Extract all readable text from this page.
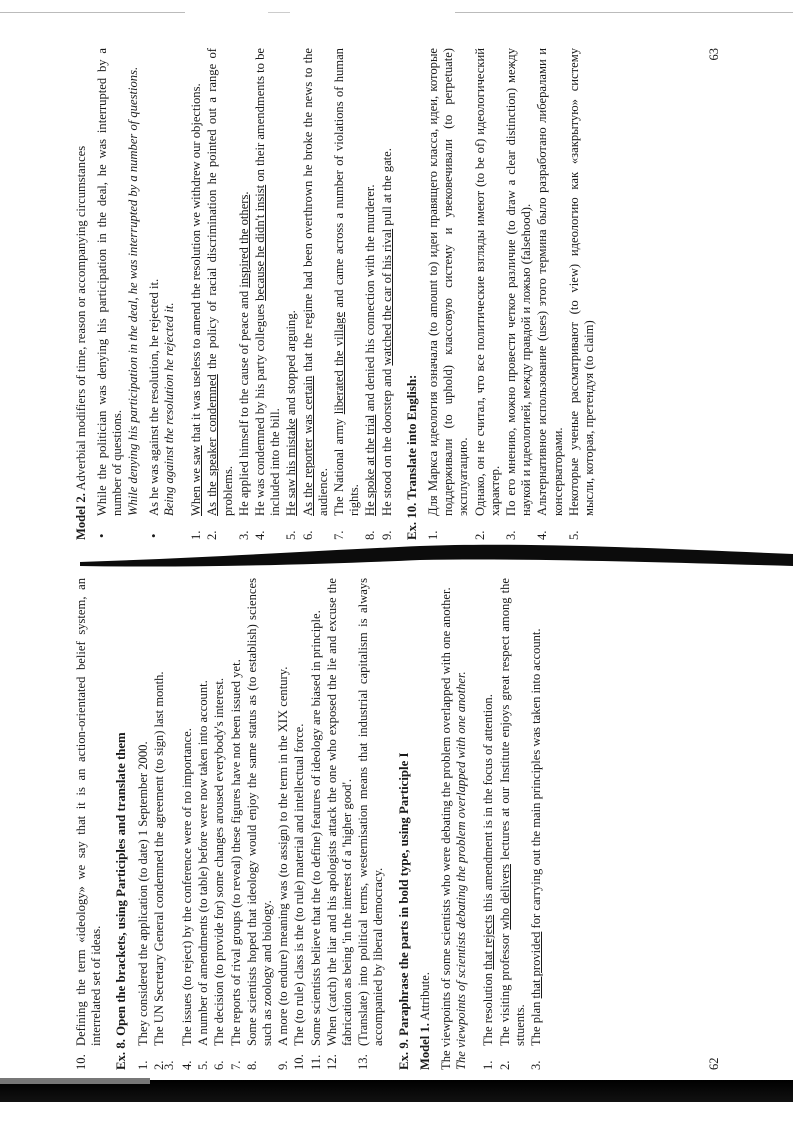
10.
Defining the term «ideology» we say that it is an action-orientated belief system, an interrelated set of ideas. Ex. 8. Open the brackets, using Participles and translate them 1.
They considered the application (to date) 1 September 2000.
2.
The UN Secretary General condemned the agreement (to sign) last month.
3. 4.
The issues (to reject) by the conference were of no importance.
5.
A number of amendments (to table) before were now taken into account.
6.
The decision (to provide for) some changes aroused everybody's interest.
7.
The reports of rival groups (to reveal) these figures have not been issued yet.
8.
Some scientists hoped that ideology would enjoy the same status as (to establish) sciences such as zoology and biology.
9.
A more (to endure) meaning was (to assign) to the term in the XIX century.
10.
The (to rule) class is the (to rule) material and intellectual force.
11.
Some scientists believe that the (to define) features of ideology are biased in principle.
12.
When (catch) the liar and his apologists attack the one who exposed the lie and excuse the fabrication as being 'in the interest of a 'higher good'.
13.
(Translate) into political terms, westernisation means that industrial capitalism is always accompanied by liberal democracy. Ex. 9. Paraphrase the parts in bold type, using Participle I Model 1. Attribute. The viewpoints of some scientists who were debating the problem overlapped with one another. The viewpoints of scientists debating the problem overlapped with one another. 1.
The resolution that rejects this amendment is in the focus of attention.
2.
The visiting professor who delivers lectures at our Institute enjoys great respect among the sttuents.
3.
The plan that provided for carrying out the main principles was taken into account.
62

Model 2. Adverbial modifiers of time, reason or accompanying circumstances

•
While the politician was denying his participation in the deal, he was interrupted by a number of questions. While denying his participation in the deal, he was interrupted by a number of questions.
•
As he was against the resolution, he rejected it. Being against the resolution he rejected it.
1.
When we saw that it was useless to amend the resolution we withdrew our objections.
2.
As the speaker condemned the policy of racial discrimination he pointed out a range of problems.
3.
He applied himself to the cause of peace and inspired the others.
4.
He was condemned by his party collegues because he didn't insist on their amendments to be included into the bill.
5.
He saw his mistake and stopped arguing.
6.
As the reporter was certain that the regime had been overthrown he broke the news to the audience.
7.
The National army liberated the village and came across a number of violations of human rights.
8.
He spoke at the trial and denied his connection with the murderer.
9.
He stood on the doorstep and watched the car of his rival pull at the gate.
Ex. 10. Translate into English: 1.
Для Маркса идеология означала (to amount to) идеи правящего класса, идеи, которые поддерживали (to uphold) классовую систему и увековечивали (to perpetuate) эксплуатацию.
2.
Однако, он не считал, что все политические взгляды имеют (to be of) идеологический характер.
3.
По его мнению, можно провести четкое различие (to draw a clear distinction) между наукой и идеологией, между правдой и ложью (falsehood).
4.
Альтернативное использование (uses) этого термина было разработано либералами и консерваторами.
5.
Некоторые ученые рассматривают (to view) идеологию как «закрытую» систему мысли, которая, претендуя (to claim)
63
